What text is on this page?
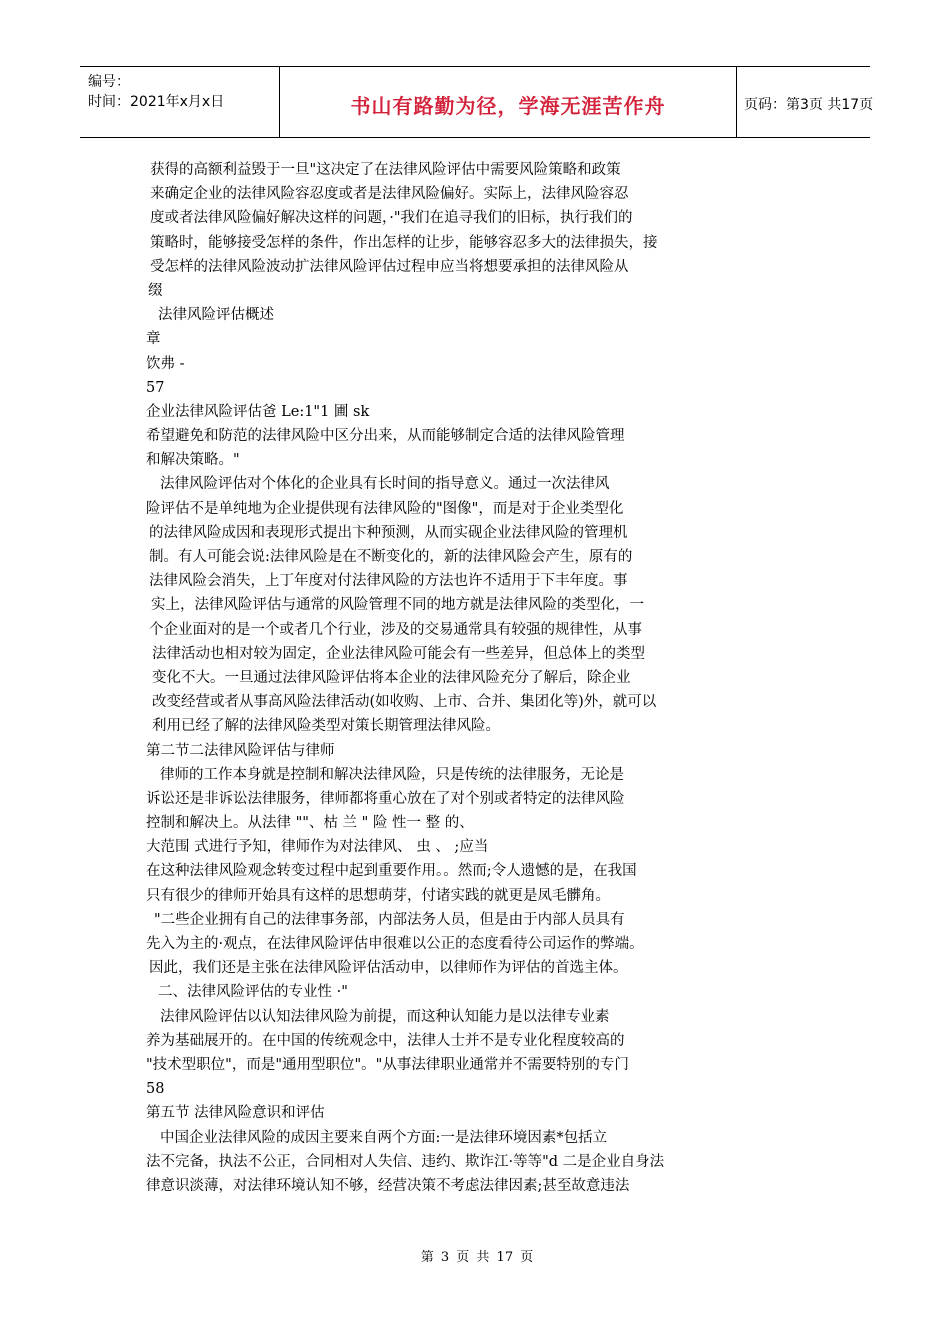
编号：
时间：2021年x月x日	书山有路勤为径，学海无涯苦作舟	页码：第3页 共17页
获得的高额利益毁于一旦"这决定了在法律风险评估中需要风险策略和政策
来确定企业的法律风险容忍度或者是法律风险偏好。实际上，法律风险容忍
度或者法律风险偏好解决这样的问题，·"我们在追寻我们的旧标，执行我们的
策略时，能够接受怎样的条件，作出怎样的让步，能够容忍多大的法律损失，接
受怎样的法律风险波动扩法律风险评估过程申应当将想要承担的法律风险从
缀
法律风险评估概述
章
饮弗 -
57
企业法律风险评估爸 Le:1"1 圃 sk
希望避免和防范的法律风险中区分出来，从而能够制定合适的法律风险管理
和解决策略。"
法律风险评估对个体化的企业具有长时间的指导意义。通过一次法律风
险评估不是单纯地为企业提供现有法律风险的"图像"，而是对于企业类型化
的法律风险成因和表现形式提出卞种预测，从而实砚企业法律风险的管理机
制。有人可能会说:法律风险是在不断变化的，新的法律风险会产生，原有的
法律风险会消失，上丁年度对付法律风险的方法也许不适用于下丰年度。事
实上，法律风险评估与通常的风险管理不同的地方就是法律风险的类型化，一
个企业面对的是一个或者几个行业，涉及的交易通常具有较强的规律性，从事
法律活动也相对较为固定，企业法律风险可能会有一些差异，但总体上的类型
变化不大。一旦通过法律风险评估将本企业的法律风险充分了解后，除企业
改变经营或者从事高风险法律活动(如收购、上市、合并、集团化等)外，就可以
利用已经了解的法律风险类型对策长期管理法律风险。
第二节二法律风险评估与律师
律师的工作本身就是控制和解决法律风险，只是传统的法律服务，无论是
诉讼还是非诉讼法律服务，律师都将重心放在了对个别或者特定的法律风险
控制和解决上。从法律 ""、枯 兰 " 险 性一 整 的、
大范围 式进行予知，律师作为对法律风、 虫 、 ;应当
在这种法律风险观念转变过程中起到重要作用。。然而;令人遗憾的是，在我国
只有很少的律师开始具有这样的思想萌芽，付诸实践的就更是凤毛髒角。
"二些企业拥有自己的法律事务部，内部法务人员，但是由于内部人员具有
先入为主的·观点，在法律风险评估申很难以公正的态度看待公司运作的弊端。
因此，我们还是主张在法律风险评估活动申，以律师作为评估的首选主体。
二、法律风险评估的专业性 ·"
法律风险评估以认知法律风险为前提，而这种认知能力是以法律专业素
养为基础展开的。在中国的传统观念中，法律人士并不是专业化程度较高的
"技术型职位"，而是"通用型职位"。"从事法律职业通常并不需要特别的专门
58
第五节 法律风险意识和评估
中国企业法律风险的成因主要来自两个方面:一是法律环境因素*包括立
法不完备，执法不公正，合同相对人失信、违约、欺诈江·等等"d 二是企业自身法
律意识淡薄，对法律环境认知不够，经营决策不考虑法律因素;甚至故意违法
第 3 页 共 17 页
